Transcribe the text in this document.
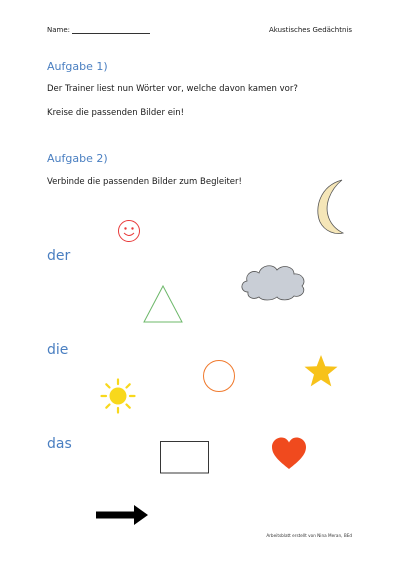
Name:	Akustisches Gedächtnis
Aufgabe 1)
Der Trainer liest nun Wörter vor, welche davon kamen vor?
Kreise die passenden Bilder ein!
Aufgabe 2)
Verbinde die passenden Bilder zum Begleiter!
der
die
das
Arbeitsblatt erstellt von Nina Meran, BEd
